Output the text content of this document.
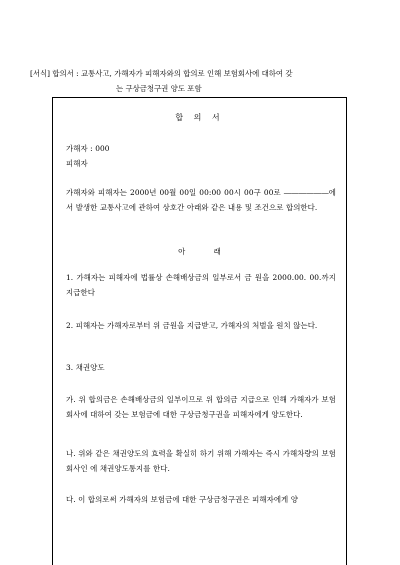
[서식] 합의서 : 교통사고, 가해자가 피해자와의 합의로 인해 보험회사에 대하여 갖
는 구상금청구권 양도 포함
합 의 서
가해자 : 000
피해자
가해자와 피해자는 2000년 00월 00일 00:00 00시 00구 00로 ――――――에서 발생한 교통사고에 관하여 상호간 아래와 같은 내용 및 조건으로 합의한다.
아 래
1. 가해자는 피해자에 법률상 손해배상금의 일부로서 금 원을 2000.00. 00.까지 지급한다
2. 피해자는 가해자로부터 위 금원을 지급받고, 가해자의 처벌을 원치 않는다.
3. 채권양도
가. 위 합의금은 손해배상금의 일부이므로 위 합의금 지급으로 인해 가해자가 보험회사에 대하여 갖는 보험금에 대한 구상금청구권을 피해자에게 양도한다.
나. 위와 같은 채권양도의 효력을 확실히 하기 위해 가해자는 즉시 가해차량의 보험회사인 에 채권양도통지를 한다.
다. 이 합의로써 가해자의 보험금에 대한 구상금청구권은 피해자에게 양
